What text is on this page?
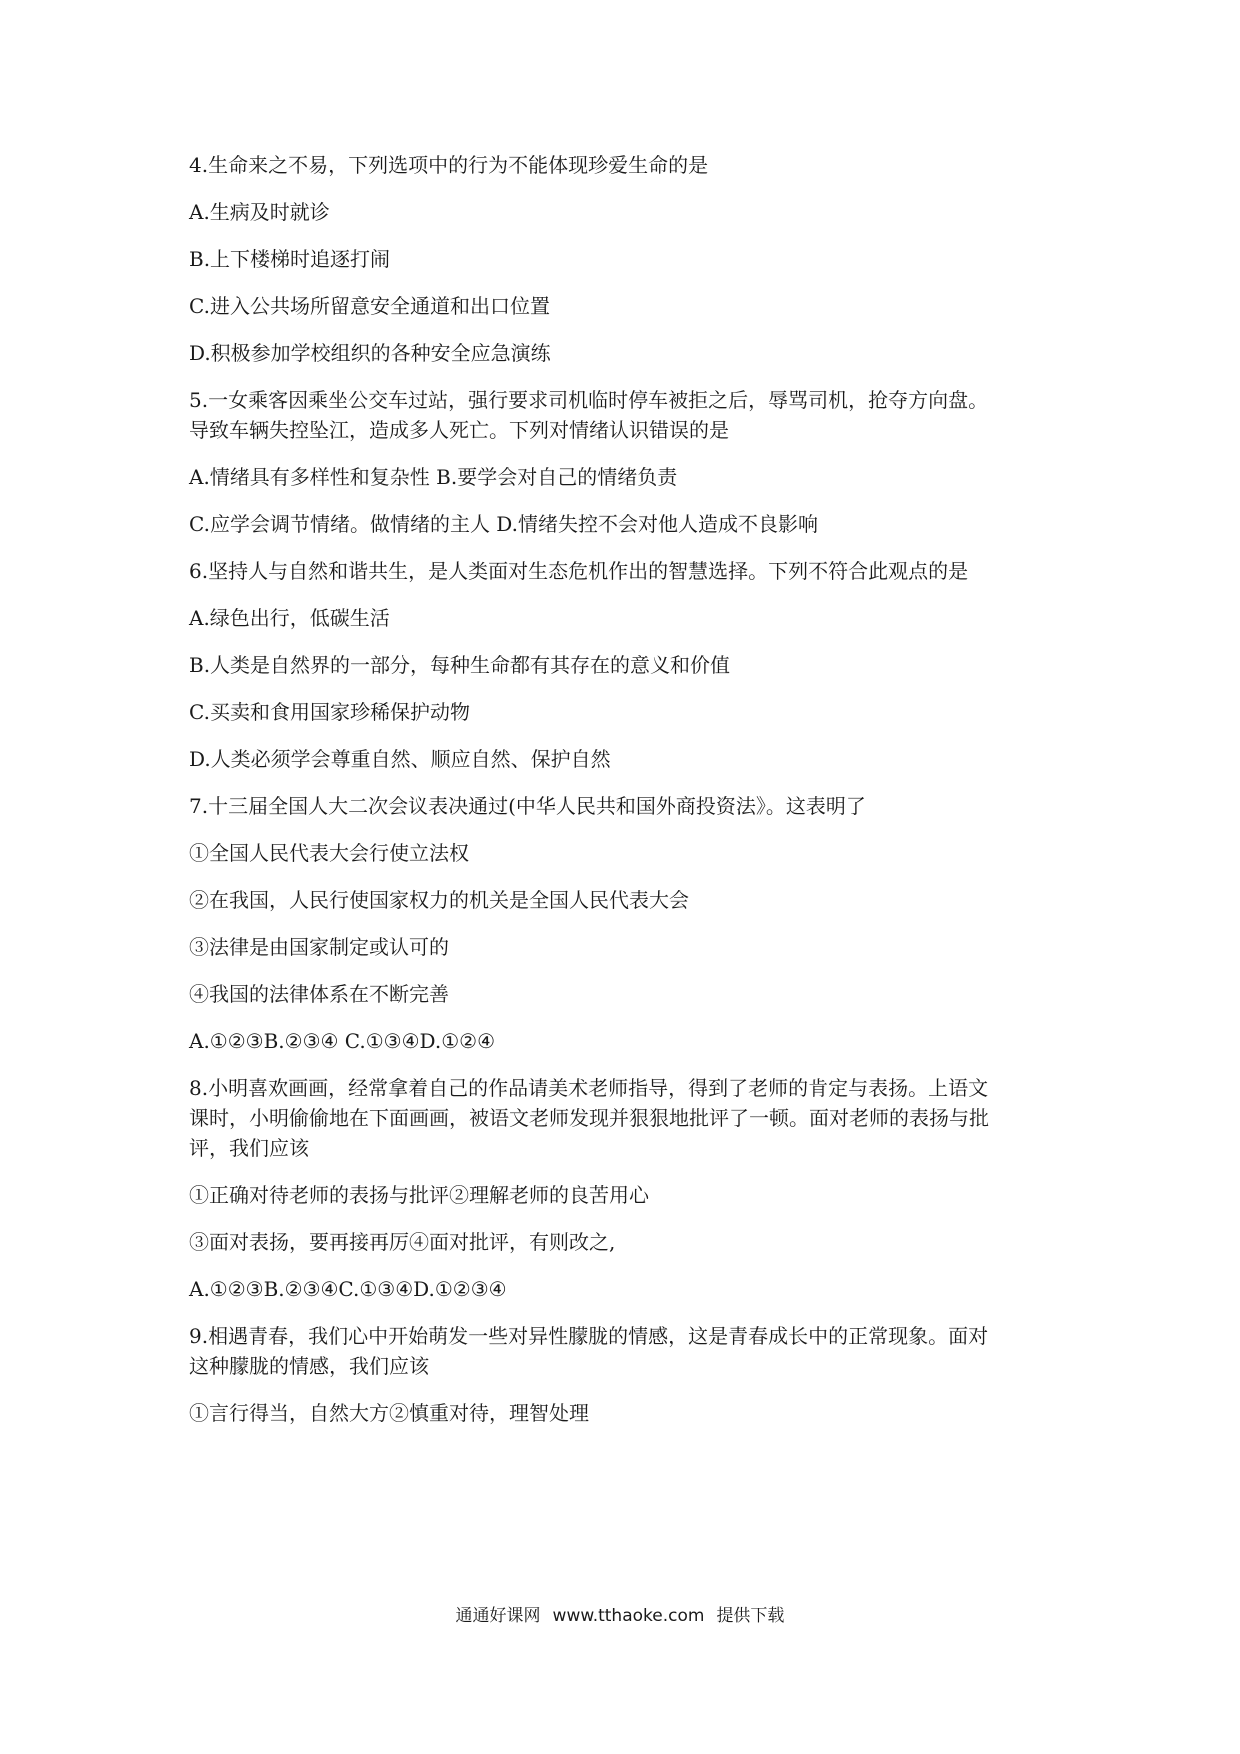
4.生命来之不易，下列选项中的行为不能体现珍爱生命的是
A.生病及时就诊
B.上下楼梯时追逐打闹
C.进入公共场所留意安全通道和出口位置
D.积极参加学校组织的各种安全应急演练
5.一女乘客因乘坐公交车过站，强行要求司机临时停车被拒之后，辱骂司机，抢夺方向盘。
导致车辆失控坠江，造成多人死亡。下列对情绪认识错误的是
A.情绪具有多样性和复杂性 B.要学会对自己的情绪负责
C.应学会调节情绪。做情绪的主人 D.情绪失控不会对他人造成不良影响
6.坚持人与自然和谐共生，是人类面对生态危机作出的智慧选择。下列不符合此观点的是
A.绿色出行，低碳生活
B.人类是自然界的一部分，每种生命都有其存在的意义和价值
C.买卖和食用国家珍稀保护动物
D.人类必须学会尊重自然、顺应自然、保护自然
7.十三届全国人大二次会议表决通过(中华人民共和国外商投资法》。这表明了
①全国人民代表大会行使立法权
②在我国，人民行使国家权力的机关是全国人民代表大会
③法律是由国家制定或认可的
④我国的法律体系在不断完善
A.①②③B.②③④ C.①③④D.①②④
8.小明喜欢画画，经常拿着自己的作品请美术老师指导，得到了老师的肯定与表扬。上语文
课时，小明偷偷地在下面画画，被语文老师发现并狠狠地批评了一顿。面对老师的表扬与批
评，我们应该
①正确对待老师的表扬与批评②理解老师的良苦用心
③面对表扬，要再接再厉④面对批评，有则改之,
A.①②③B.②③④C.①③④D.①②③④
9.相遇青春，我们心中开始萌发一些对异性朦胧的情感，这是青春成长中的正常现象。面对
这种朦胧的情感，我们应该
①言行得当，自然大方②慎重对待，理智处理
通通好课网 www.tthaoke.com 提供下载
